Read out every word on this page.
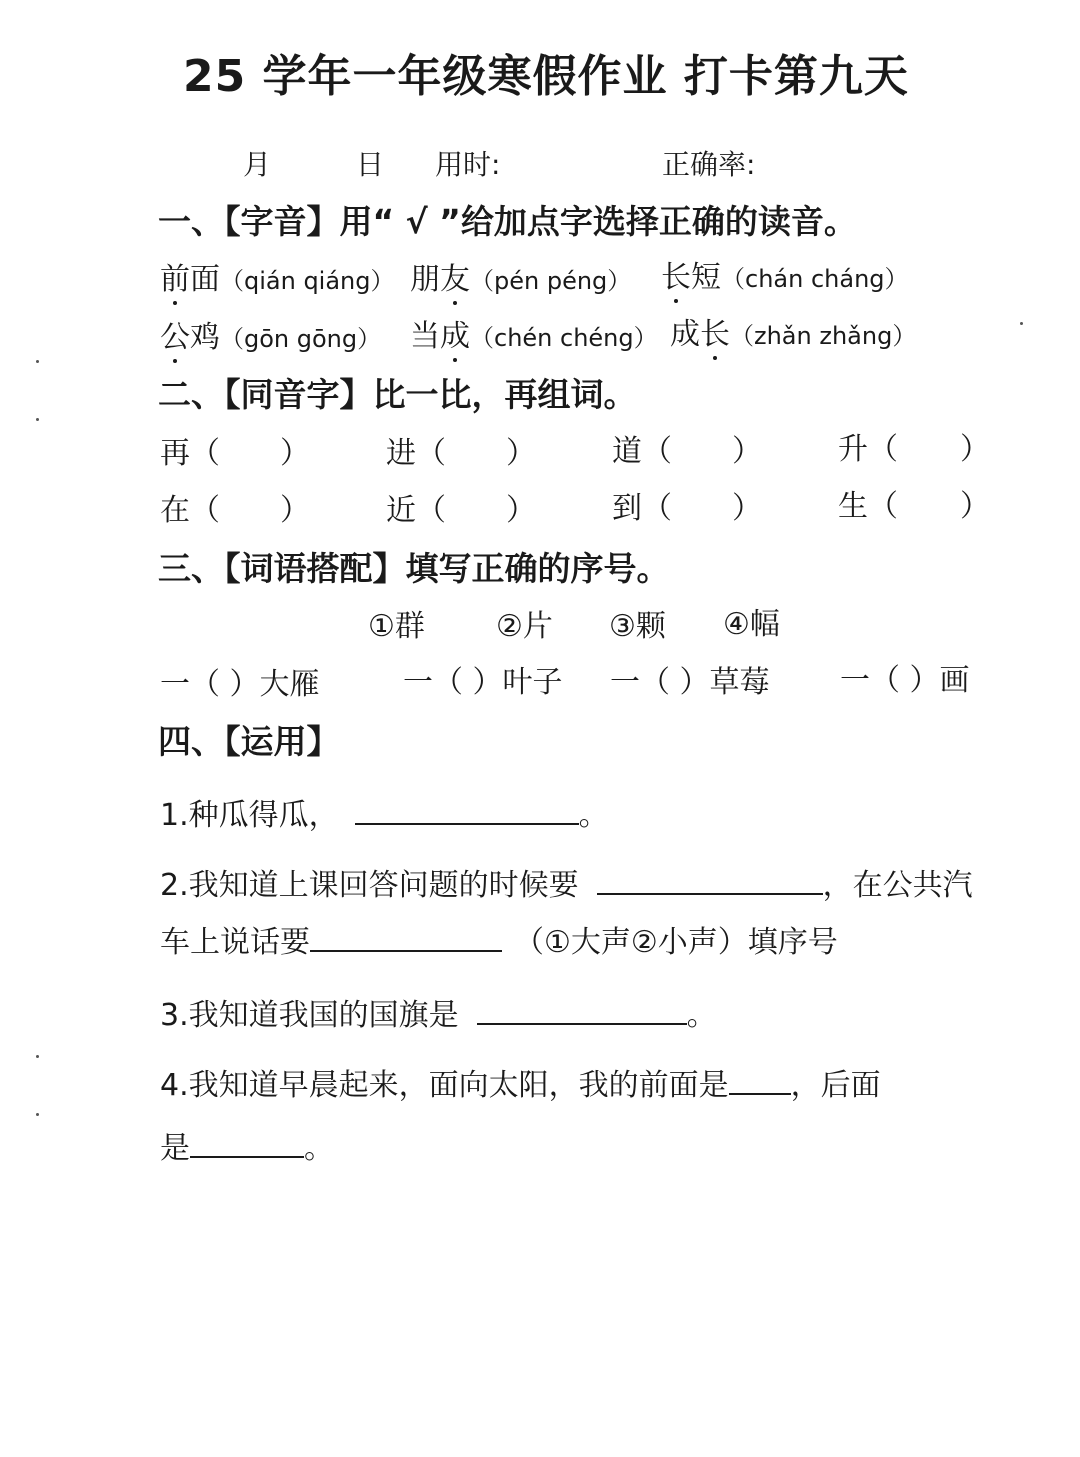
25 学年一年级寒假作业 打卡第九天
月	日 用时:	正确率:
一、【字音】用“ √ ”给加点字选择正确的读音。
前面（qián qiáng） 朋友（pén péng） 长短（chán cháng）
公鸡（gōn gōng） 当成（chén chéng） 成长（zhǎn zhǎng）
二、【同音字】比一比，再组词。
再（ ）	进（ ）	道（ ）	升（ ）
在（ ）	近（ ）	到（ ）	生（ ）
三、【词语搭配】填写正确的序号。
①群 ②片 ③颗 ④幅
一（ ）大雁	一（ ）叶子 一（ ）草莓 一（ ）画
四、【运用】
1.种瓜得瓜，	。
2.我知道上课回答问题的时候要	，在公共汽
车上说话要	（①大声②小声）填序号
3.我知道我国的国旗是	。
4.我知道早晨起来，面向太阳，我的前面是 ，后面
是	。
